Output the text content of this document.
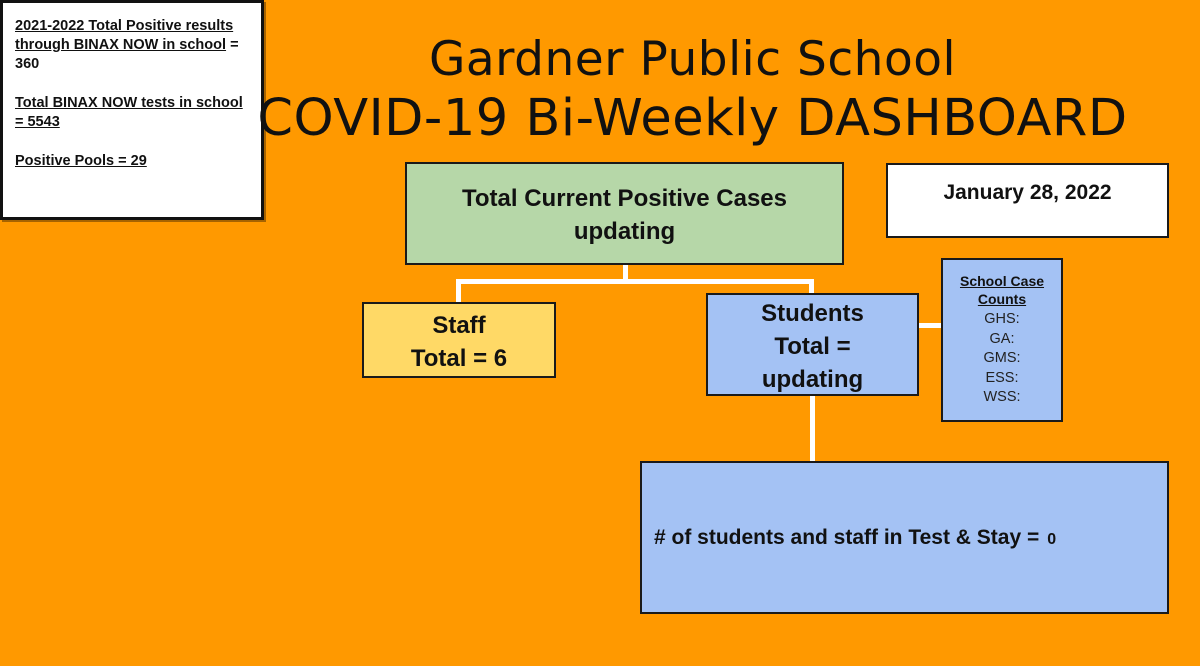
2021-2022 Total Positive results through BINAX NOW in school = 360
Total BINAX NOW tests in school = 5543
Positive Pools = 29
Gardner Public School
COVID-19 Bi-Weekly DASHBOARD
Total Current Positive Cases
updating
January 28, 2022
Staff
Total = 6
Students
Total =
updating
School Case Counts
GHS:
GA:
GMS:
ESS:
WSS:
# of students and staff in Test & Stay = 0
